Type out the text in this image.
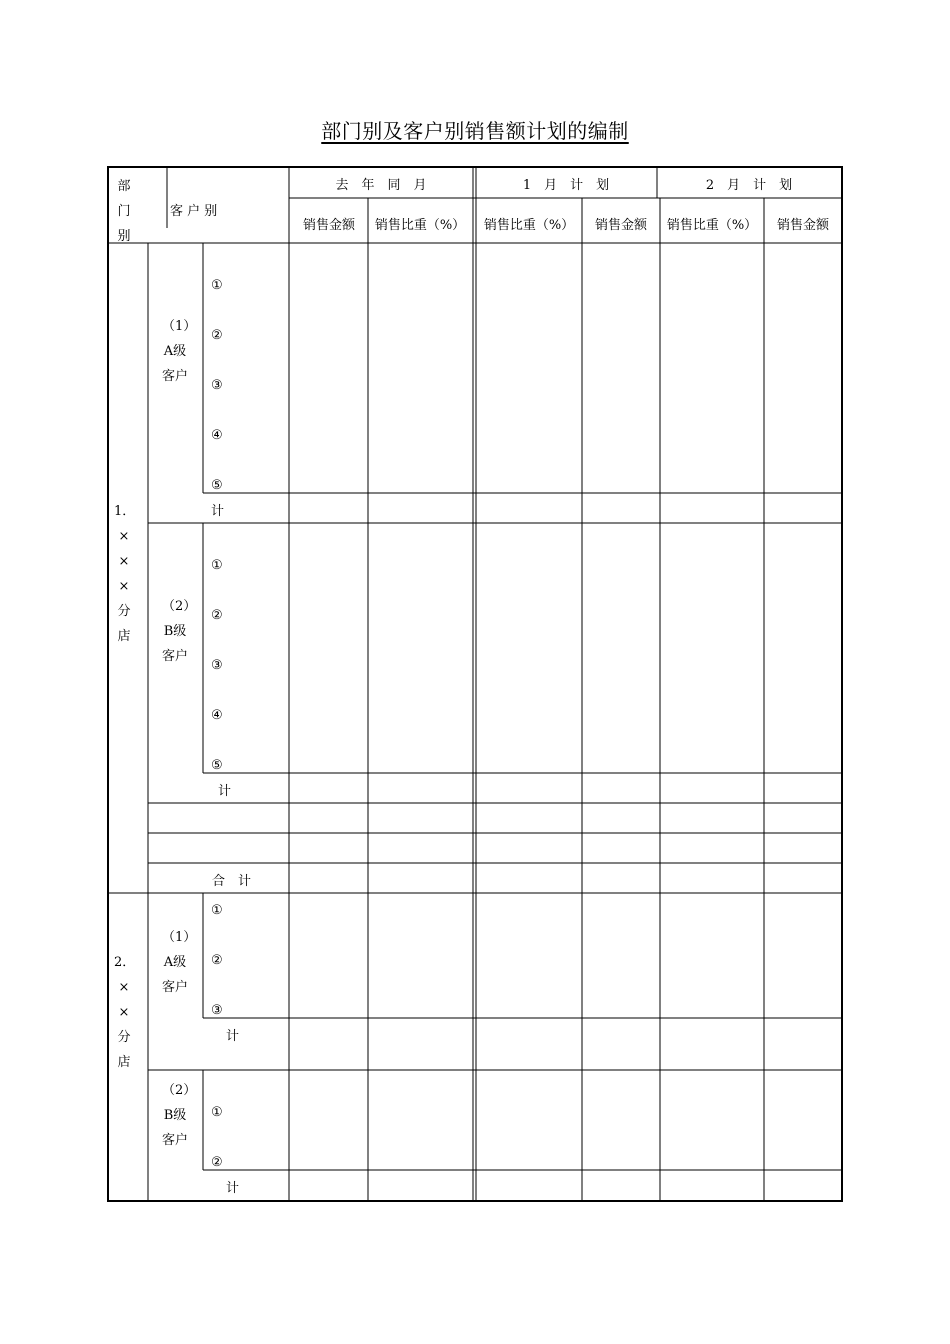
部门别及客户别销售额计划的编制
部门别
客 户 别
去　年　同　月	1　月　计　划	2　月　计　划
销售金额 销售比重（%） 销售比重（%） 销售金额 销售比重（%） 销售金额
1．×××分店
（1）A级客户
①
②
③
④
⑤
计
（2）B级客户
①
②
③
④
⑤
计
合　计
2．××分店
（1）A级客户
①
②
③
计
（2）B级客户
①
②
计
